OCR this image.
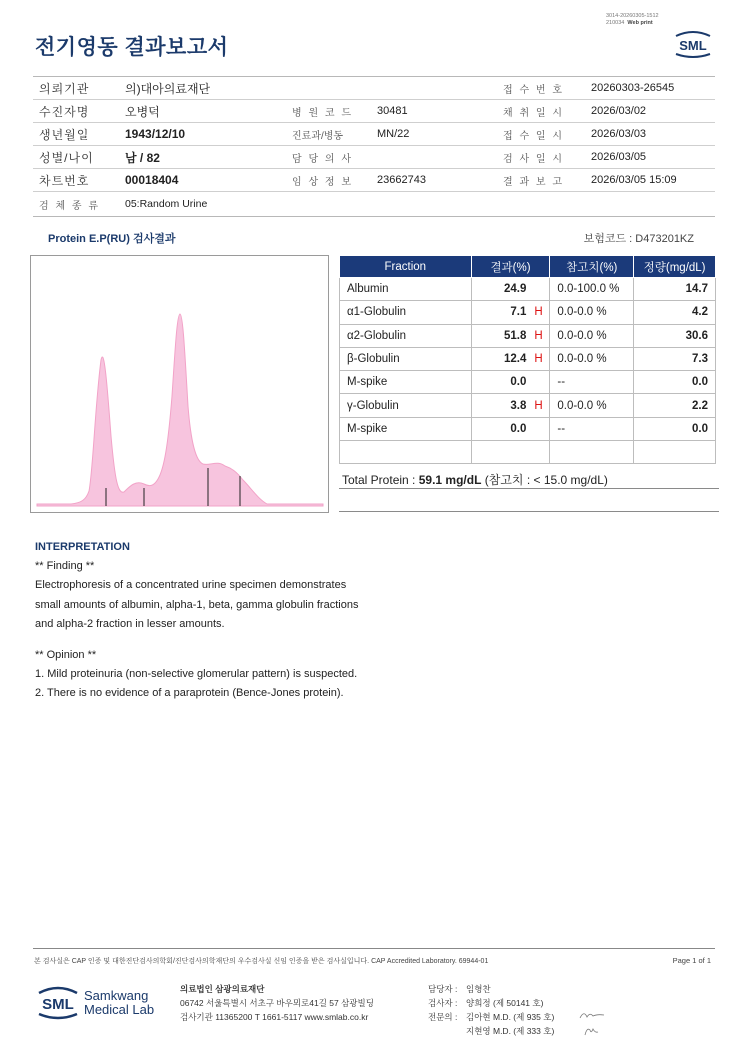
전기영동 결과보고서
3014-20260305-1512
210034 Web print
SML
의뢰기관	의)대아의료재단	접 수 번 호	20260303-26545
수진자명	오병덕	병 원 코 드	30481	채 취 일 시	2026/03/02
생년월일	1943/12/10	진료과/병동	MN/22	접 수 일 시	2026/03/03
성별/나이	남 / 82	담 당 의 사	검 사 일 시	2026/03/05
차트번호	00018404	임 상 정 보	23662743	결 과 보 고	2026/03/05 15:09
검 체 종 류	05:Random Urine
Protein E.P(RU) 검사결과	보험코드 : D473201KZ
Fraction	결과(%)	참고치(%)	정량(mg/dL)
Albumin	24.9	0.0-100.0 %	14.7
α1-Globulin	7.1 H	0.0-0.0 %	4.2
α2-Globulin	51.8 H	0.0-0.0 %	30.6
β-Globulin	12.4 H	0.0-0.0 %	7.3
M-spike	0.0	--	0.0
γ-Globulin	3.8 H	0.0-0.0 %	2.2
M-spike	0.0	--	0.0

Total Protein : 59.1 mg/dL (참고치 : < 15.0 mg/dL)
INTERPRETATION
** Finding **
Electrophoresis of a concentrated urine specimen demonstrates
small amounts of albumin, alpha-1, beta, gamma globulin fractions
and alpha-2 fraction in lesser amounts.
** Opinion **
1. Mild proteinuria (non-selective glomerular pattern) is suspected.
2. There is no evidence of a paraprotein (Bence-Jones protein).
본 검사실은 CAP 인증 및 대한진단검사의학회/진단검사의학재단의 우수검사실 신임 인증을 받은 검사실입니다. CAP Accredited Laboratory. 69944-01	Page 1 of 1
SML
Samkwang
Medical Lab
의료법인 삼광의료재단
06742 서울특별시 서초구 바우뫼로41길 57 삼광빌딩
검사기관 11365200 T 1661-5117 www.smlab.co.kr
담당자 :	임형찬
검사자 :	양희정 (제 50141 호)
전문의 :	김아현 M.D. (제 935 호)
지현영 M.D. (제 333 호)
